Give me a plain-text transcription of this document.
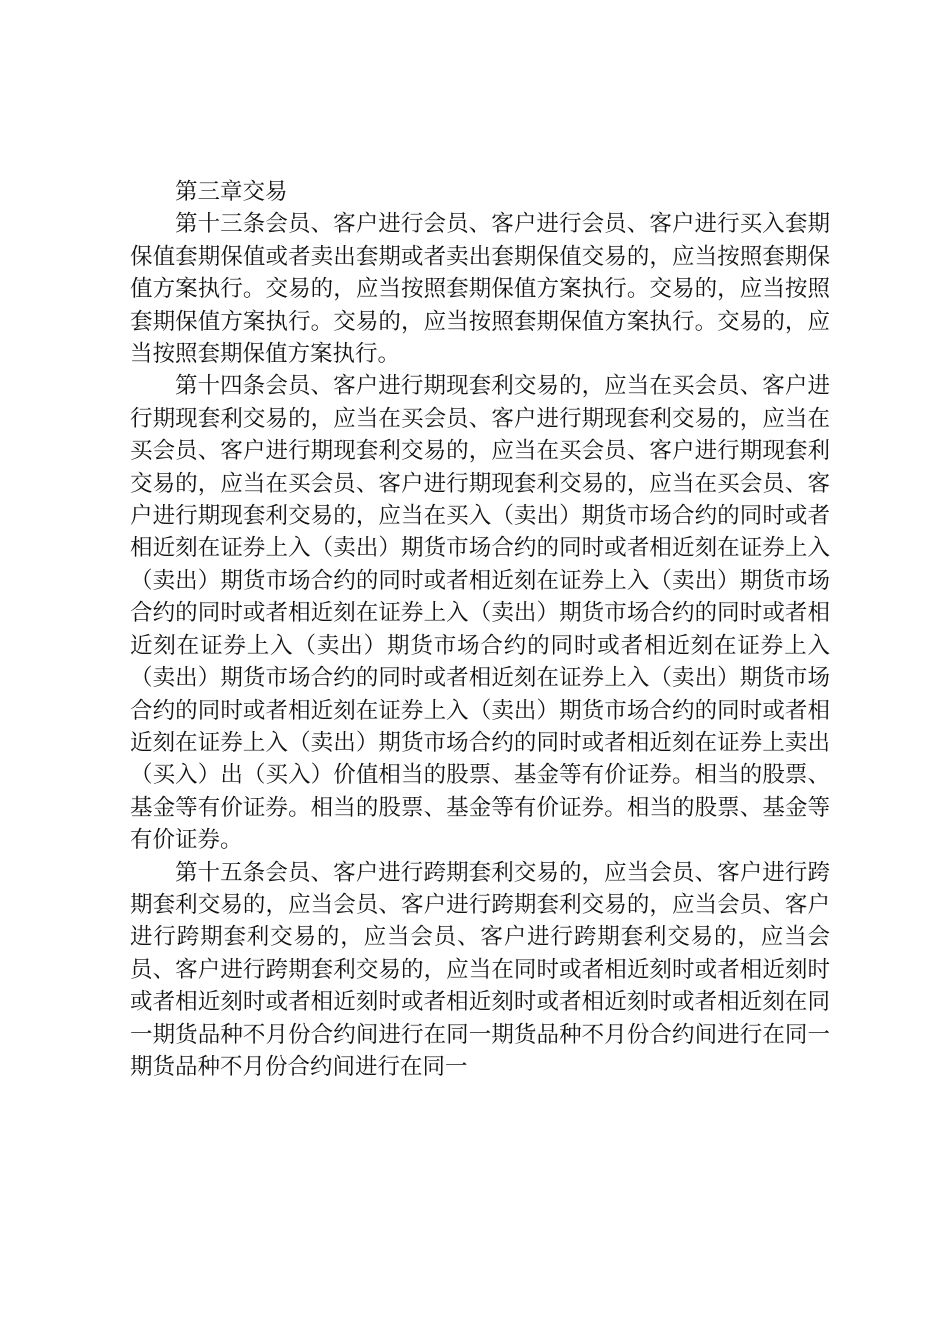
第三章交易

第十三条会员、客户进行会员、客户进行会员、客户进行买入套期保值套期保值或者卖出套期或者卖出套期保值交易的，应当按照套期保值方案执行。交易的，应当按照套期保值方案执行。交易的，应当按照套期保值方案执行。交易的，应当按照套期保值方案执行。交易的，应当按照套期保值方案执行。

第十四条会员、客户进行期现套利交易的，应当在买会员、客户进行期现套利交易的，应当在买会员、客户进行期现套利交易的，应当在买会员、客户进行期现套利交易的，应当在买会员、客户进行期现套利交易的，应当在买会员、客户进行期现套利交易的，应当在买会员、客户进行期现套利交易的，应当在买入（卖出）期货市场合约的同时或者相近刻在证券上入（卖出）期货市场合约的同时或者相近刻在证券上入（卖出）期货市场合约的同时或者相近刻在证券上入（卖出）期货市场合约的同时或者相近刻在证券上入（卖出）期货市场合约的同时或者相近刻在证券上入（卖出）期货市场合约的同时或者相近刻在证券上入（卖出）期货市场合约的同时或者相近刻在证券上入（卖出）期货市场合约的同时或者相近刻在证券上入（卖出）期货市场合约的同时或者相近刻在证券上入（卖出）期货市场合约的同时或者相近刻在证券上卖出（买入）出（买入）价值相当的股票、基金等有价证券。相当的股票、基金等有价证券。相当的股票、基金等有价证券。相当的股票、基金等有价证券。

第十五条会员、客户进行跨期套利交易的，应当会员、客户进行跨期套利交易的，应当会员、客户进行跨期套利交易的，应当会员、客户进行跨期套利交易的，应当会员、客户进行跨期套利交易的，应当会员、客户进行跨期套利交易的，应当在同时或者相近刻时或者相近刻时或者相近刻时或者相近刻时或者相近刻时或者相近刻时或者相近刻在同一期货品种不月份合约间进行在同一期货品种不月份合约间进行在同一期货品种不月份合约间进行在同一
